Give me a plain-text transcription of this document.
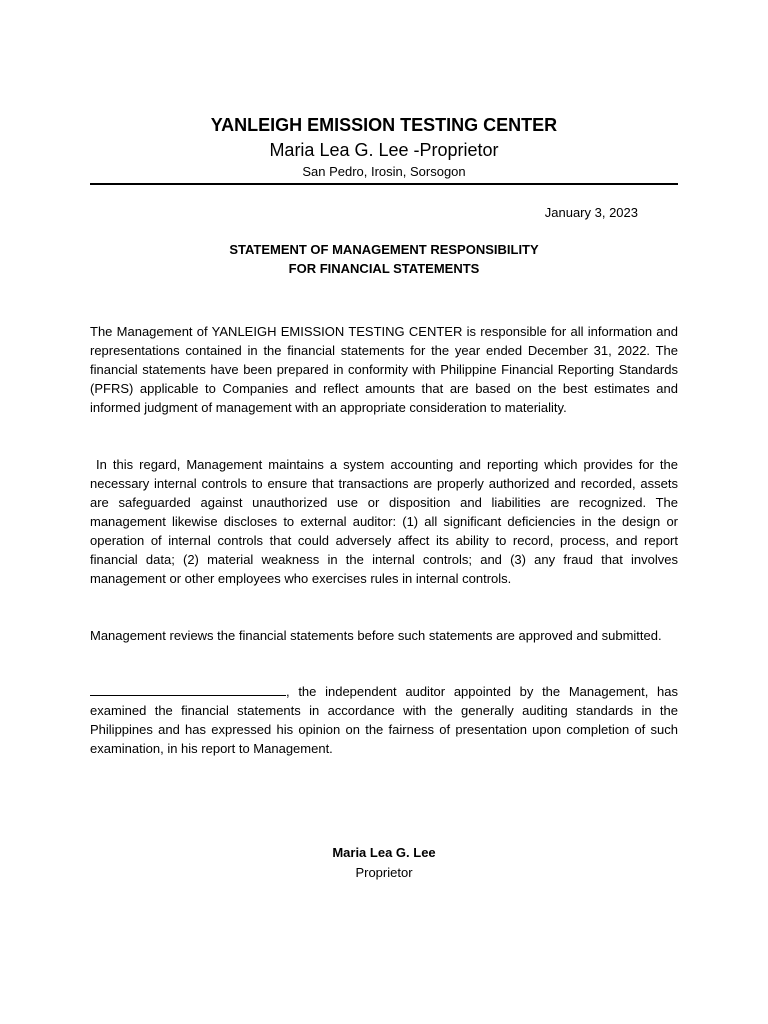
YANLEIGH EMISSION TESTING CENTER
Maria Lea G. Lee -Proprietor
San Pedro, Irosin, Sorsogon
January 3, 2023
STATEMENT OF MANAGEMENT RESPONSIBILITY
FOR FINANCIAL STATEMENTS

The Management of YANLEIGH EMISSION TESTING CENTER is responsible for all information and representations contained in the financial statements for the year ended December 31, 2022. The financial statements have been prepared in conformity with Philippine Financial Reporting Standards (PFRS) applicable to Companies and reflect amounts that are based on the best estimates and informed judgment of management with an appropriate consideration to materiality.

In this regard, Management maintains a system accounting and reporting which provides for the necessary internal controls to ensure that transactions are properly authorized and recorded, assets are safeguarded against unauthorized use or disposition and liabilities are recognized. The management likewise discloses to external auditor: (1) all significant deficiencies in the design or operation of internal controls that could adversely affect its ability to record, process, and report financial data; (2) material weakness in the internal controls; and (3) any fraud that involves management or other employees who exercises rules in internal controls.

Management reviews the financial statements before such statements are approved and submitted.

, the independent auditor appointed by the Management, has examined the financial statements in accordance with the generally auditing standards in the Philippines and has expressed his opinion on the fairness of presentation upon completion of such examination, in his report to Management.

Maria Lea G. Lee
Proprietor
